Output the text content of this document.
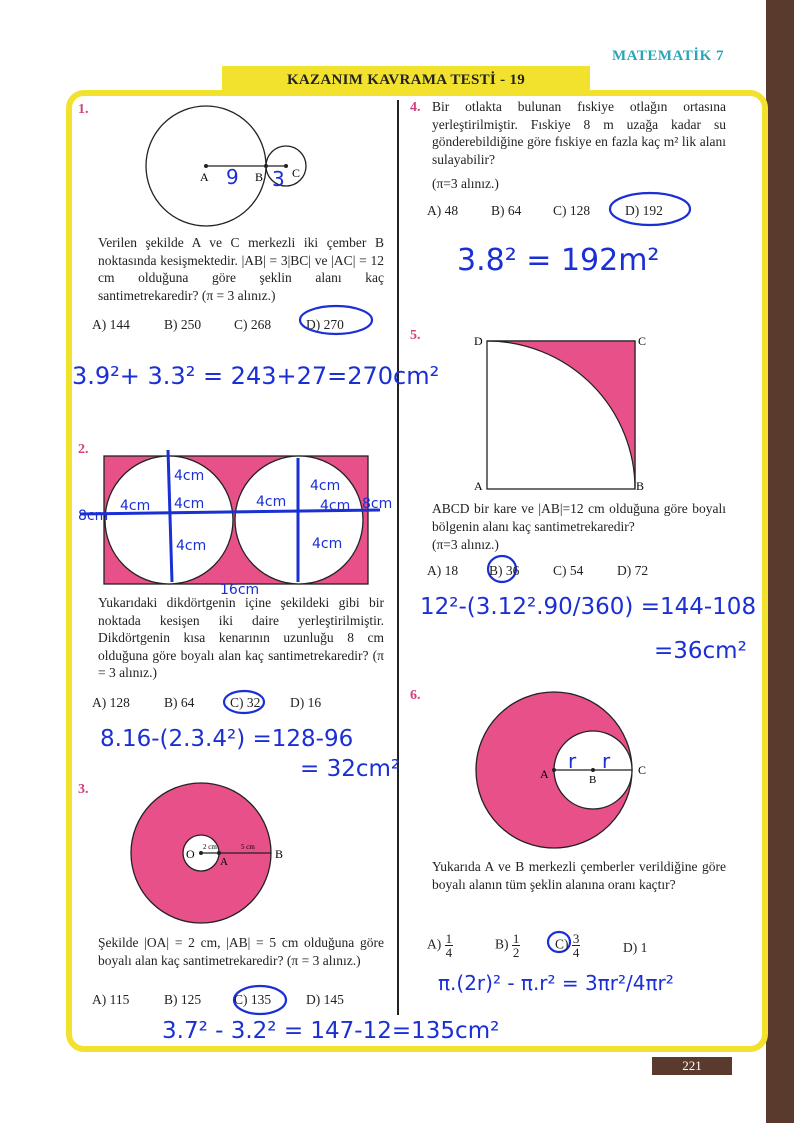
MATEMATİK 7
KAZANIM KAVRAMA TESTİ - 19
1.
A	B C
9 3
Verilen şekilde A ve C merkezli iki çember B noktasında kesişmektedir. |AB| = 3|BC| ve |AC| = 12 cm olduğuna göre şeklin alanı kaç santimetrekaredir? (π = 3 alınız.)
A) 144	B) 250 C) 268	D) 270
3.9²+ 3.3² = 243+27=270cm²
2.
4cm
4cm 4cm	4cm
4cm
4cm
4cm	4cm
8cm
8cm
16cm
Yukarıdaki dikdörtgenin içine şekildeki gibi bir noktada kesişen iki daire yerleştirilmiştir. Dikdörtgenin kısa kenarının uzunluğu 8 cm olduğuna göre boyalı alan kaç santimetrekaredir? (π = 3 alınız.)
A) 128	B) 64	C) 32 D) 16
8.16-(2.3.4²) =128-96
= 32cm²
3.
O
A
B
2 cm	5 cm
Şekilde |OA| = 2 cm, |AB| = 5 cm olduğuna göre boyalı alan kaç santimetrekaredir? (π = 3 alınız.)
A) 115	B) 125 C) 135	D) 145
3.7² - 3.2² = 147-12=135cm²
4. Bir otlakta bulunan fıskiye otlağın ortasına yerleştirilmiştir. Fıskiye 8 m uzağa kadar su gönderebildiğine göre fıskiye en fazla kaç m² lik alanı sulayabilir?
(π=3 alınız.)
A) 48 B) 64 C) 128	D) 192
3.8² = 192m²
5.	D	C
A	B
ABCD bir kare ve |AB|=12 cm olduğuna göre boyalı bölgenin alanı kaç santimetrekaredir?
(π=3 alınız.)
A) 18 B) 36 C) 54 D) 72
12²-(3.12².90/360) =144-108
=36cm²
6.
A	B
C
r r
Yukarıda A ve B merkezli çemberler verildiğine göre boyalı alanın tüm şeklin alanına oranı kaçtır?
$A) \frac{1}{4}$	$B) \frac{1}{2}$	$C) \frac{3}{4}$	D) 1
π.(2r)² - π.r² = 3πr²/4πr²
221
